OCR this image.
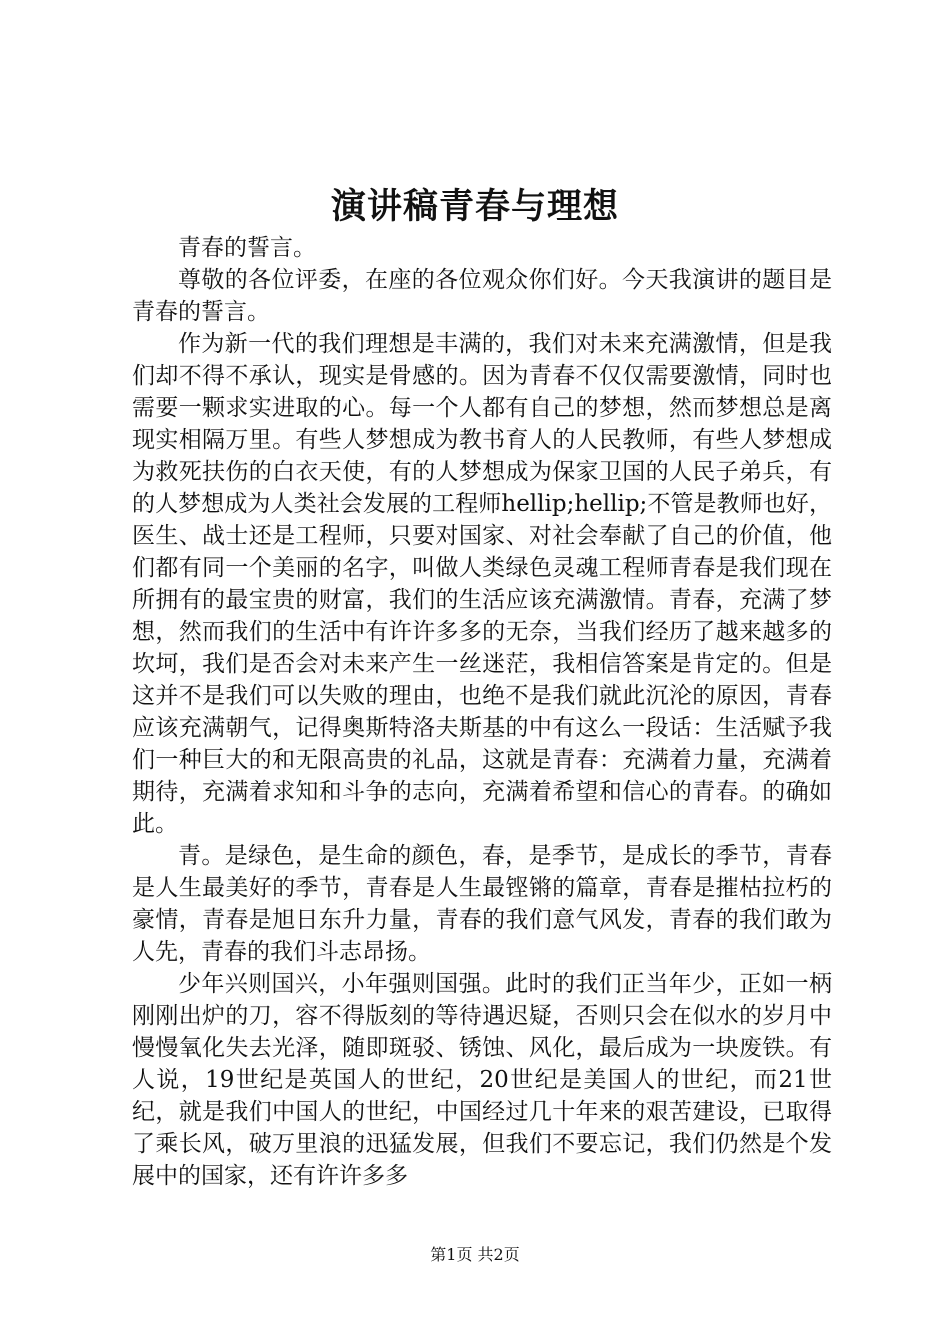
演讲稿青春与理想

青春的誓言。

尊敬的各位评委，在座的各位观众你们好。今天我演讲的题目是青春的誓言。

作为新一代的我们理想是丰满的，我们对未来充满激情，但是我们却不得不承认，现实是骨感的。因为青春不仅仅需要激情，同时也需要一颗求实进取的心。每一个人都有自己的梦想，然而梦想总是离现实相隔万里。有些人梦想成为教书育人的人民教师，有些人梦想成为救死扶伤的白衣天使，有的人梦想成为保家卫国的人民子弟兵，有的人梦想成为人类社会发展的工程师hellip;hellip;不管是教师也好，医生、战士还是工程师，只要对国家、对社会奉献了自己的价值，他们都有同一个美丽的名字，叫做人类绿色灵魂工程师青春是我们现在所拥有的最宝贵的财富，我们的生活应该充满激情。青春，充满了梦想，然而我们的生活中有许许多多的无奈，当我们经历了越来越多的坎坷，我们是否会对未来产生一丝迷茫，我相信答案是肯定的。但是这并不是我们可以失败的理由，也绝不是我们就此沉沦的原因，青春应该充满朝气，记得奥斯特洛夫斯基的中有这么一段话：生活赋予我们一种巨大的和无限高贵的礼品，这就是青春：充满着力量，充满着期待，充满着求知和斗争的志向，充满着希望和信心的青春。的确如此。

青。是绿色，是生命的颜色，春，是季节，是成长的季节，青春是人生最美好的季节，青春是人生最铿锵的篇章，青春是摧枯拉朽的豪情，青春是旭日东升力量，青春的我们意气风发，青春的我们敢为人先，青春的我们斗志昂扬。

少年兴则国兴，小年强则国强。此时的我们正当年少，正如一柄刚刚出炉的刀，容不得版刻的等待遇迟疑，否则只会在似水的岁月中慢慢氧化失去光泽，随即斑驳、锈蚀、风化，最后成为一块废铁。有人说，19世纪是英国人的世纪，20世纪是美国人的世纪，而21世纪，就是我们中国人的世纪，中国经过几十年来的艰苦建设，已取得了乘长风，破万里浪的迅猛发展，但我们不要忘记，我们仍然是个发展中的国家，还有许许多多

第1页 共2页
